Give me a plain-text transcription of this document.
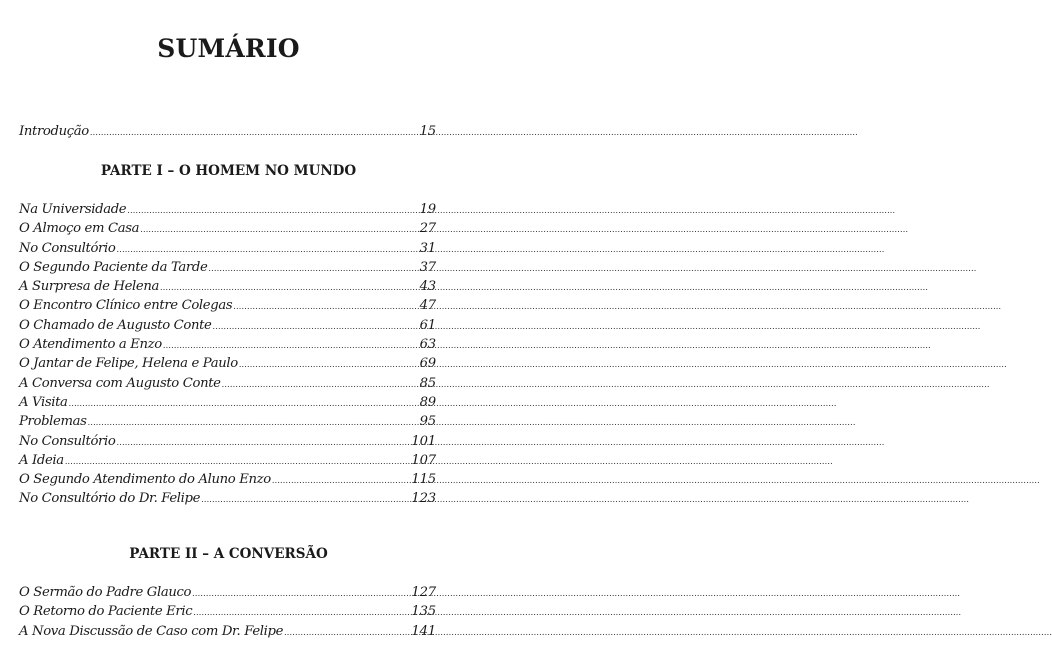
SUMÁRIO
Introdução .....	15
PARTE I – O HOMEM NO MUNDO
Na Universidade .....	19
O Almoço em Casa .....	27
No Consultório .....	31
O Segundo Paciente da Tarde .....	37
A Surpresa de Helena .....	43
O Encontro Clínico entre Colegas .....	47
O Chamado de Augusto Conte .....	61
O Atendimento a Enzo .....	63
O Jantar de Felipe, Helena e Paulo .....	69
A Conversa com Augusto Conte .....	85
A Visita .....	89
Problemas .....	95
No Consultório .....	101
A Ideia .....	107
O Segundo Atendimento do Aluno Enzo .....	115
No Consultório do Dr. Felipe .....	123
PARTE II – A CONVERSÃO
O Sermão do Padre Glauco .....	127
O Retorno do Paciente Eric .....	135
A Nova Discussão de Caso com Dr. Felipe .....	141
